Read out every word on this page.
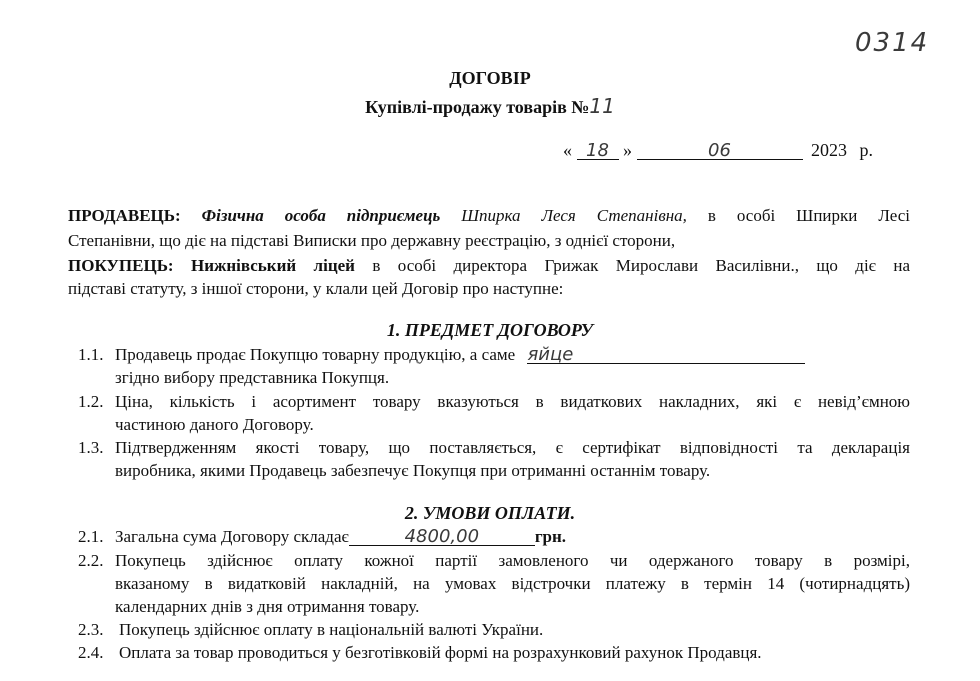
0314
ДОГОВІР
Купівлі-продажу товарів №11
« 18 »	06	2023 р.
ПРОДАВЕЦЬ: Фізична особа підприємець Шпирка Леся Степанівна, в особі Шпирки Лесі
Степанівни, що діє на підставі Виписки про державну реєстрацію, з однієї сторони,
ПОКУПЕЦЬ: Нижнівський ліцей в особі директора Грижак Мирослави Василівни., що діє на
підставі статуту, з іншої сторони, у клали цей Договір про наступне:
1. ПРЕДМЕТ ДОГОВОРУ
1.1. Продавець продає Покупцю товарну продукцію, а саме яйце
згідно вибору представника Покупця.
1.2. Ціна, кількість і асортимент товару вказуються в видаткових накладних, які є невід’ємною
частиною даного Договору.
1.3. Підтвердженням якості товару, що поставляється, є сертифікат відповідності та декларація
виробника, якими Продавець забезпечує Покупця при отриманні останнім товару.
2. УМОВИ ОПЛАТИ.
2.1. Загальна сума Договору складає	4800,00	грн.
2.2. Покупець здійснює оплату кожної партії замовленого чи одержаного товару в розмірі,
вказаному в видатковій накладній, на умовах відстрочки платежу в термін 14 (чотирнадцять)
календарних днів з дня отримання товару.
2.3. Покупець здійснює оплату в національній валюті України.
2.4. Оплата за товар проводиться у безготівковій формі на розрахунковий рахунок Продавця.
